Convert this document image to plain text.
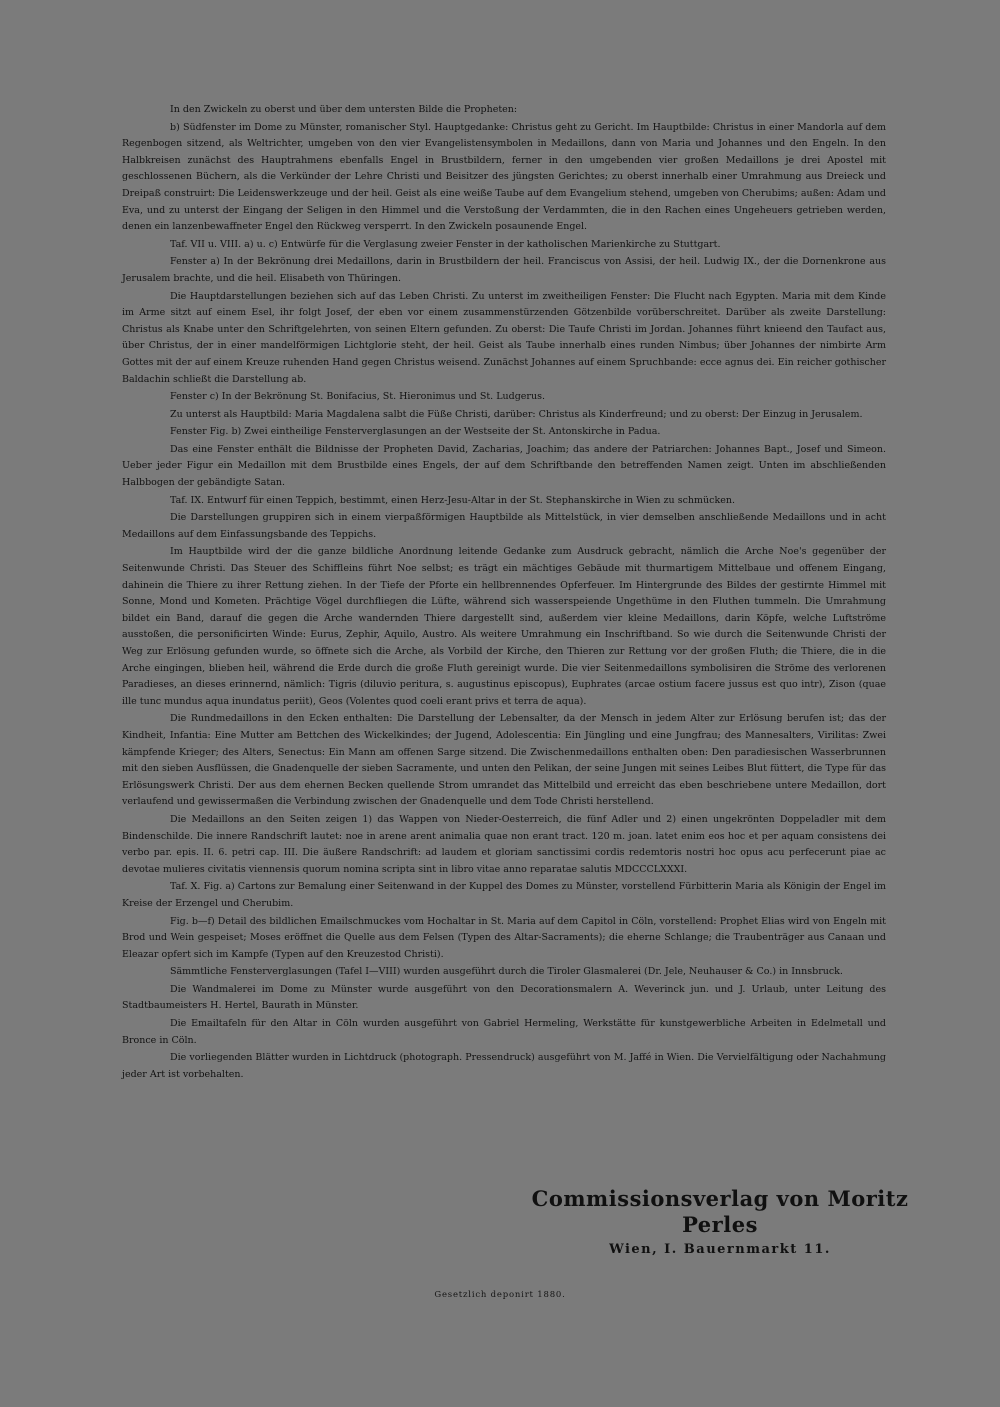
In den Zwickeln zu oberst und über dem untersten Bilde die Propheten:

b) Südfenster im Dome zu Münster, romanischer Styl. Hauptgedanke: Christus geht zu Gericht. Im Hauptbilde: Christus in einer Mandorla auf dem Regenbogen sitzend, als Weltrichter, umgeben von den vier Evangelistensymbolen in Medaillons, dann von Maria und Johannes und den Engeln. In den Halbkreisen zunächst des Hauptrahmens ebenfalls Engel in Brustbildern, ferner in den umgebenden vier großen Medaillons je drei Apostel mit geschlossenen Büchern, als die Verkünder der Lehre Christi und Beisitzer des jüngsten Gerichtes; zu oberst innerhalb einer Umrahmung aus Dreieck und Dreipaß construirt: Die Leidenswerkzeuge und der heil. Geist als eine weiße Taube auf dem Evangelium stehend, umgeben von Cherubims; außen: Adam und Eva, und zu unterst der Eingang der Seligen in den Himmel und die Verstoßung der Verdammten, die in den Rachen eines Ungeheuers getrieben werden, denen ein lanzenbewaffneter Engel den Rückweg versperrt. In den Zwickeln posaunende Engel.

Taf. VII u. VIII. a) u. c) Entwürfe für die Verglasung zweier Fenster in der katholischen Marienkirche zu Stuttgart.

Fenster a) In der Bekrönung drei Medaillons, darin in Brustbildern der heil. Franciscus von Assisi, der heil. Ludwig IX., der die Dornenkrone aus Jerusalem brachte, und die heil. Elisabeth von Thüringen.

Die Hauptdarstellungen beziehen sich auf das Leben Christi. Zu unterst im zweitheiligen Fenster: Die Flucht nach Egypten. Maria mit dem Kinde im Arme sitzt auf einem Esel, ihr folgt Josef, der eben vor einem zusammenstürzenden Götzenbilde vorüberschreitet. Darüber als zweite Darstellung: Christus als Knabe unter den Schriftgelehrten, von seinen Eltern gefunden. Zu oberst: Die Taufe Christi im Jordan. Johannes führt knieend den Taufact aus, über Christus, der in einer mandelförmigen Lichtglorie steht, der heil. Geist als Taube innerhalb eines runden Nimbus; über Johannes der nimbirte Arm Gottes mit der auf einem Kreuze ruhenden Hand gegen Christus weisend. Zunächst Johannes auf einem Spruchbande: ecce agnus dei. Ein reicher gothischer Baldachin schließt die Darstellung ab.

Fenster c) In der Bekrönung St. Bonifacius, St. Hieronimus und St. Ludgerus.

Zu unterst als Hauptbild: Maria Magdalena salbt die Füße Christi, darüber: Christus als Kinderfreund; und zu oberst: Der Einzug in Jerusalem.

Fenster Fig. b) Zwei eintheilige Fensterverglasungen an der Westseite der St. Antonskirche in Padua.

Das eine Fenster enthält die Bildnisse der Propheten David, Zacharias, Joachim; das andere der Patriarchen: Johannes Bapt., Josef und Simeon. Ueber jeder Figur ein Medaillon mit dem Brustbilde eines Engels, der auf dem Schriftbande den betreffenden Namen zeigt. Unten im abschließenden Halbbogen der gebändigte Satan.

Taf. IX. Entwurf für einen Teppich, bestimmt, einen Herz-Jesu-Altar in der St. Stephanskirche in Wien zu schmücken.

Die Darstellungen gruppiren sich in einem vierpaßförmigen Hauptbilde als Mittelstück, in vier demselben anschließende Medaillons und in acht Medaillons auf dem Einfassungsbande des Teppichs.

Im Hauptbilde wird der die ganze bildliche Anordnung leitende Gedanke zum Ausdruck gebracht, nämlich die Arche Noe's gegenüber der Seitenwunde Christi. Das Steuer des Schiffleins führt Noe selbst; es trägt ein mächtiges Gebäude mit thurmartigem Mittelbaue und offenem Eingang, dahinein die Thiere zu ihrer Rettung ziehen. In der Tiefe der Pforte ein hellbrennendes Opferfeuer. Im Hintergrunde des Bildes der gestirnte Himmel mit Sonne, Mond und Kometen. Prächtige Vögel durchfliegen die Lüfte, während sich wasserspeiende Ungethüme in den Fluthen tummeln. Die Umrahmung bildet ein Band, darauf die gegen die Arche wandernden Thiere dargestellt sind, außerdem vier kleine Medaillons, darin Köpfe, welche Luftströme ausstoßen, die personificirten Winde: Eurus, Zephir, Aquilo, Austro. Als weitere Umrahmung ein Inschriftband. So wie durch die Seitenwunde Christi der Weg zur Erlösung gefunden wurde, so öffnete sich die Arche, als Vorbild der Kirche, den Thieren zur Rettung vor der großen Fluth; die Thiere, die in die Arche eingingen, blieben heil, während die Erde durch die große Fluth gereinigt wurde. Die vier Seitenmedaillons symbolisiren die Ströme des verlorenen Paradieses, an dieses erinnernd, nämlich: Tigris (diluvio peritura, s. augustinus episcopus), Euphrates (arcae ostium facere jussus est quo intr), Zison (quae ille tunc mundus aqua inundatus periit), Geos (Volentes quod coeli erant privs et terra de aqua).

Die Rundmedaillons in den Ecken enthalten: Die Darstellung der Lebensalter, da der Mensch in jedem Alter zur Erlösung berufen ist; das der Kindheit, Infantia: Eine Mutter am Bettchen des Wickelkindes; der Jugend, Adolescentia: Ein Jüngling und eine Jungfrau; des Mannesalters, Virilitas: Zwei kämpfende Krieger; des Alters, Senectus: Ein Mann am offenen Sarge sitzend. Die Zwischenmedaillons enthalten oben: Den paradiesischen Wasserbrunnen mit den sieben Ausflüssen, die Gnadenquelle der sieben Sacramente, und unten den Pelikan, der seine Jungen mit seines Leibes Blut füttert, die Type für das Erlösungswerk Christi. Der aus dem ehernen Becken quellende Strom umrandet das Mittelbild und erreicht das eben beschriebene untere Medaillon, dort verlaufend und gewissermaßen die Verbindung zwischen der Gnadenquelle und dem Tode Christi herstellend.

Die Medaillons an den Seiten zeigen 1) das Wappen von Nieder-Oesterreich, die fünf Adler und 2) einen ungekrönten Doppeladler mit dem Bindenschilde. Die innere Randschrift lautet: noe in arene arent animalia quae non erant tract. 120 m. joan. latet enim eos hoc et per aquam consistens dei verbo par. epis. II. 6. petri cap. III. Die äußere Randschrift: ad laudem et gloriam sanctissimi cordis redemtoris nostri hoc opus acu perfecerunt piae ac devotae mulieres civitatis viennensis quorum nomina scripta sint in libro vitae anno reparatae salutis MDCCCLXXXI.

Taf. X. Fig. a) Cartons zur Bemalung einer Seitenwand in der Kuppel des Domes zu Münster, vorstellend Fürbitterin Maria als Königin der Engel im Kreise der Erzengel und Cherubim.

Fig. b—f) Detail des bildlichen Emailschmuckes vom Hochaltar in St. Maria auf dem Capitol in Cöln, vorstellend: Prophet Elias wird von Engeln mit Brod und Wein gespeiset; Moses eröffnet die Quelle aus dem Felsen (Typen des Altar-Sacraments); die eherne Schlange; die Traubenträger aus Canaan und Eleazar opfert sich im Kampfe (Typen auf den Kreuzestod Christi).

Sämmtliche Fensterverglasungen (Tafel I—VIII) wurden ausgeführt durch die Tiroler Glasmalerei (Dr. Jele, Neuhauser & Co.) in Innsbruck.

Die Wandmalerei im Dome zu Münster wurde ausgeführt von den Decorationsmalern A. Weverinck jun. und J. Urlaub, unter Leitung des Stadtbaumeisters H. Hertel, Baurath in Münster.

Die Emailtafeln für den Altar in Cöln wurden ausgeführt von Gabriel Hermeling, Werkstätte für kunstgewerbliche Arbeiten in Edelmetall und Bronce in Cöln.

Die vorliegenden Blätter wurden in Lichtdruck (photograph. Pressendruck) ausgeführt von M. Jaffé in Wien. Die Vervielfältigung oder Nachahmung jeder Art ist vorbehalten.

Commissionsverlag von Moritz Perles
Wien, I. Bauernmarkt 11.
Gesetzlich deponirt 1880.
